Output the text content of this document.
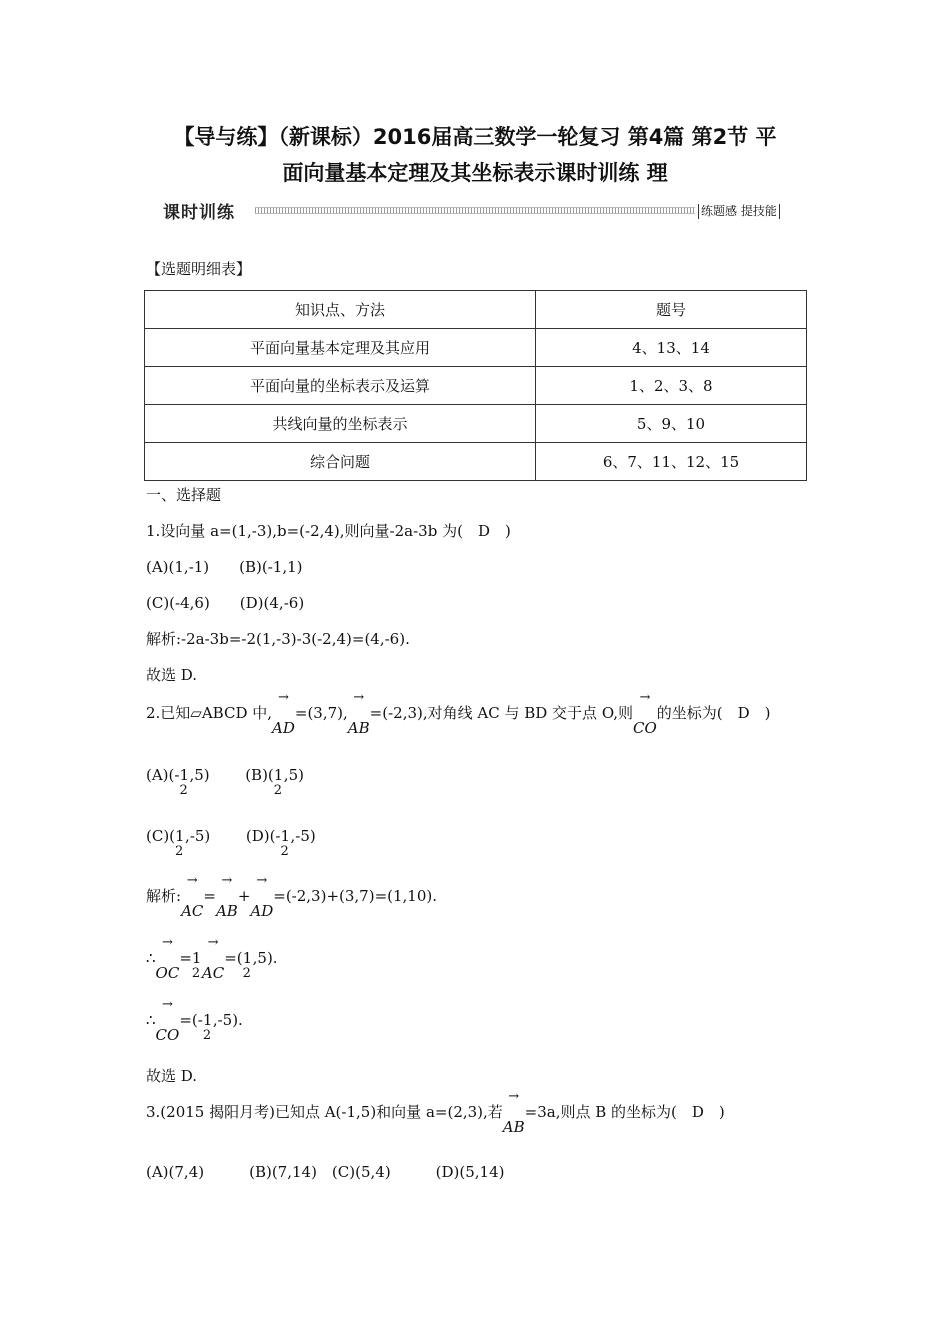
【导与练】（新课标）2016届高三数学一轮复习 第4篇 第2节 平
面向量基本定理及其坐标表示课时训练 理
课时训练	练题感 提技能
【选题明细表】
知识点、方法	题号
平面向量基本定理及其应用	4、13、14
平面向量的坐标表示及运算	1、2、3、8
共线向量的坐标表示	5、9、10
综合问题	6、7、11、12、15
一、选择题
1.设向量 a=(1,-3),b=(-2,4),则向量-2a-3b 为(　D　)
(A)(1,-1)　　(B)(-1,1)
(C)(-4,6)　　(D)(4,-6)
解析:-2a-3b=-2(1,-3)-3(-2,4)=(4,-6).
故选 D.
2.已知▱ABCD 中,
→
AD=(3,7),
→
AB=(-2,3),对角线 AC 与 BD 交于点 O,则
→
CO的坐标为(　D　)
(A)(-1
2
,5) (B)(1
2
,5)
(C)(1
2
,-5) (D)(-1
2
,-5)
解析:
→
AC=
→
AB+
→
AD=(-2,3)+(3,7)=(1,10).
∴
→
OC=1
2
→
AC=(1
2
,5).
∴
→
CO=(-1
2
,-5).
故选 D.
3.(2015 揭阳月考)已知点 A(-1,5)和向量 a=(2,3),若
→
AB=3a,则点 B 的坐标为(　D　)
(A)(7,4)　　　(B)(7,14)　(C)(5,4)　　　(D)(5,14)
